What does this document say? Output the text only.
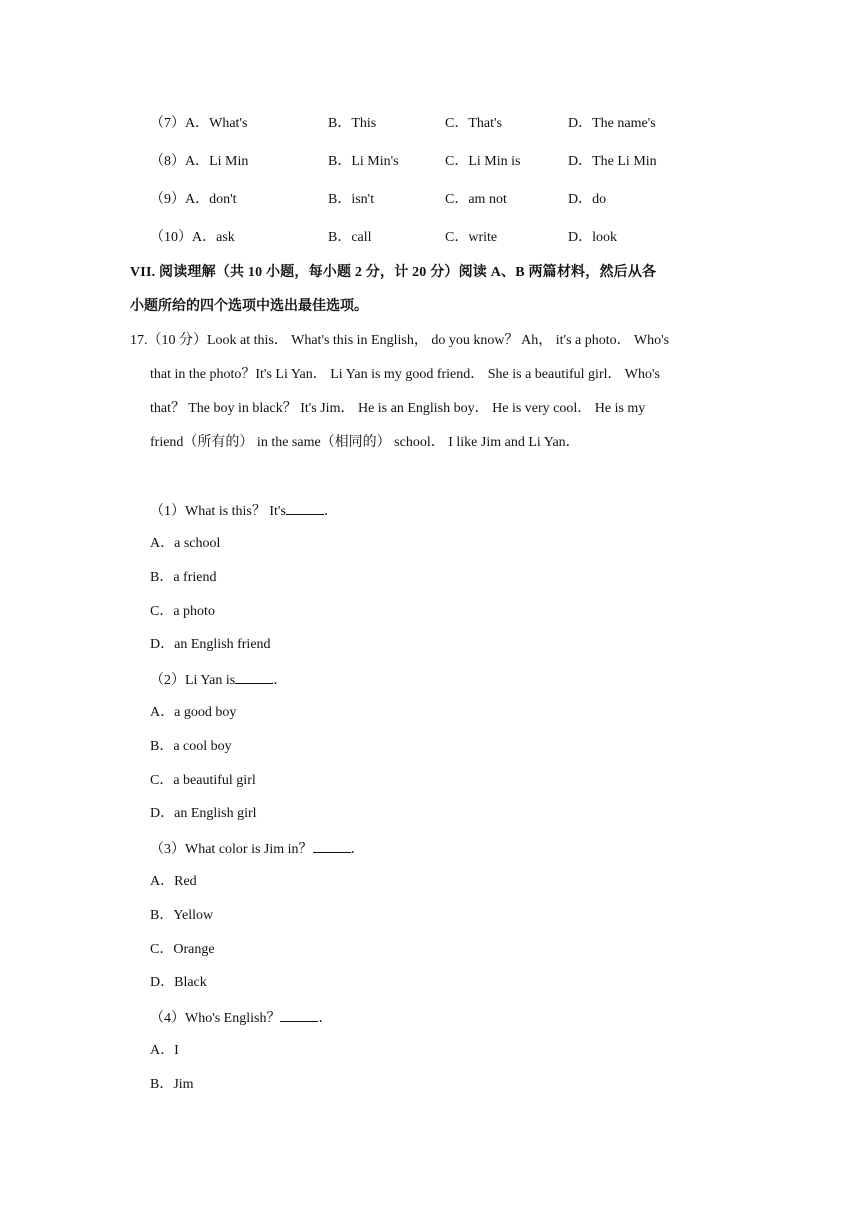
（7）A．What's	B．This	C．That's	D．The name's
（8）A．Li Min	B．Li Min's	C．Li Min is	D．The Li Min
（9）A．don't	B．isn't	C．am not	D．do
（10）A．ask	B．call	C．write	D．look
VII. 阅读理解（共 10 小题，每小题 2 分，计 20 分）阅读 A、B 两篇材料，然后从各
小题所给的四个选项中选出最佳选项。
17.（10 分）Look at this． What's this in English， do you know？ Ah， it's a photo． Who's
that in the photo？It's Li Yan． Li Yan is my good friend． She is a beautiful girl． Who's
that？ The boy in black？ It's Jim． He is an English boy． He is very cool． He is my
friend（所有的） in the same（相同的） school． I like Jim and Li Yan．
（1）What is this？ It's	．
A．a school
B．a friend
C．a photo
D．an English friend
（2）Li Yan is	．
A．a good boy
B．a cool boy
C．a beautiful girl
D．an English girl
（3）What color is Jim in？	．
A．Red
B．Yellow
C．Orange
D．Black
（4）Who's English？	．
A．I
B．Jim
